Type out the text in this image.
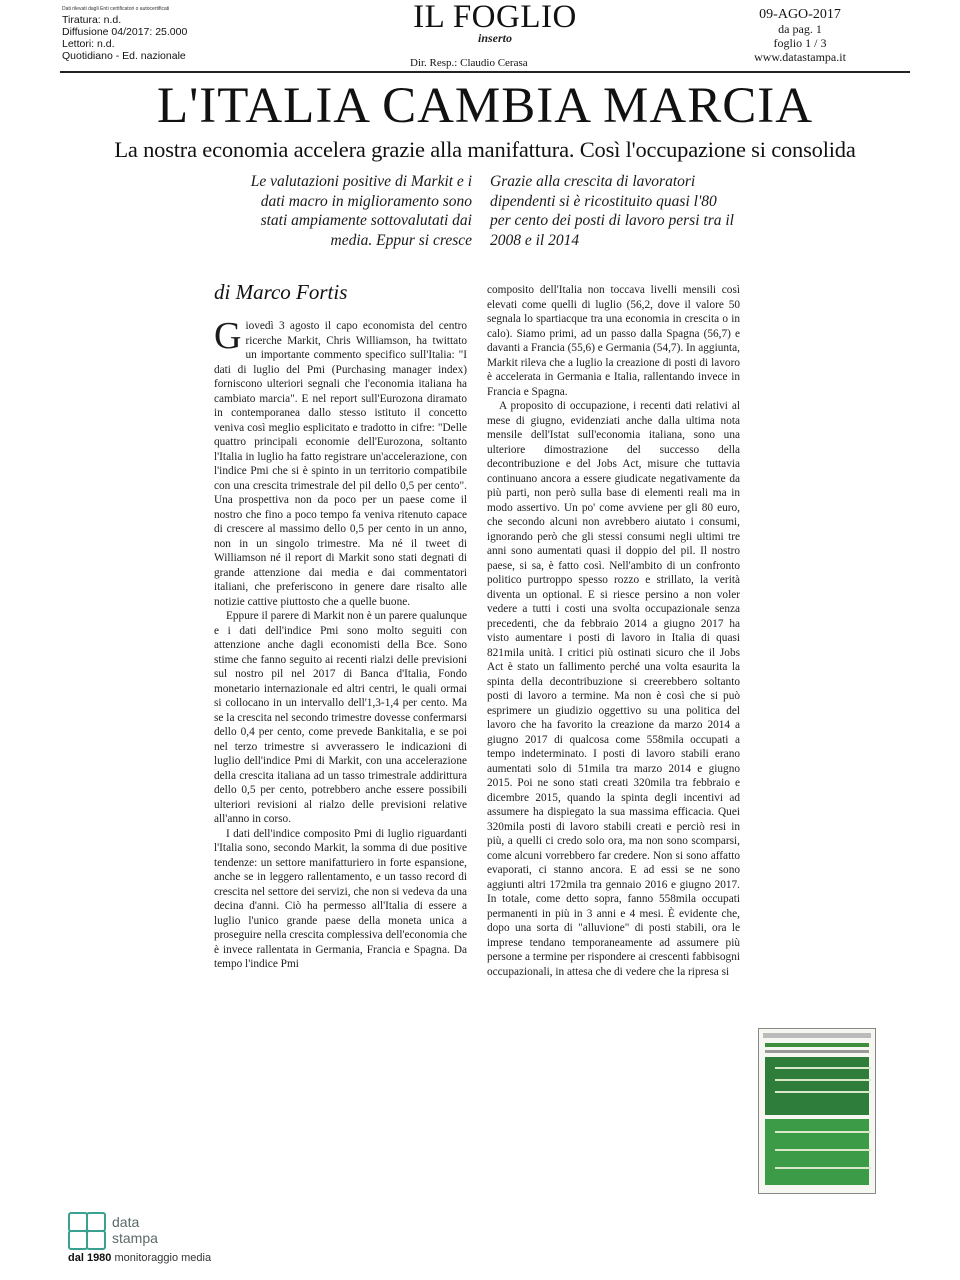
Dati rilevati dagli Enti certificatori o autocertificati
Tiratura: n.d.
Diffusione 04/2017: 25.000
Lettori: n.d.
Quotidiano - Ed. nazionale
IL FOGLIO
inserto
Dir. Resp.: Claudio Cerasa
09-AGO-2017
da pag. 1
foglio 1 / 3
www.datastampa.it
L'ITALIA CAMBIA MARCIA
La nostra economia accelera grazie alla manifattura. Così l'occupazione si consolida
Le valutazioni positive di Markit e i dati macro in miglioramento sono stati ampiamente sottovalutati dai media. Eppur si cresce
Grazie alla crescita di lavoratori dipendenti si è ricostituito quasi l'80 per cento dei posti di lavoro persi tra il 2008 e il 2014
di Marco Fortis

Giovedì 3 agosto il capo economista del centro ricerche Markit, Chris Williamson, ha twittato un importante commento specifico sull'Italia: "I dati di luglio del Pmi (Purchasing manager index) forniscono ulteriori segnali che l'economia italiana ha cambiato marcia". E nel report sull'Eurozona diramato in contemporanea dallo stesso istituto il concetto veniva così meglio esplicitato e tradotto in cifre: "Delle quattro principali economie dell'Eurozona, soltanto l'Italia in luglio ha fatto registrare un'accelerazione, con l'indice Pmi che si è spinto in un territorio compatibile con una crescita trimestrale del pil dello 0,5 per cento". Una prospettiva non da poco per un paese come il nostro che fino a poco tempo fa veniva ritenuto capace di crescere al massimo dello 0,5 per cento in un anno, non in un singolo trimestre. Ma né il tweet di Williamson né il report di Markit sono stati degnati di grande attenzione dai media e dai commentatori italiani, che preferiscono in genere dare risalto alle notizie cattive piuttosto che a quelle buone.

Eppure il parere di Markit non è un parere qualunque e i dati dell'indice Pmi sono molto seguiti con attenzione anche dagli economisti della Bce. Sono stime che fanno seguito ai recenti rialzi delle previsioni sul nostro pil nel 2017 di Banca d'Italia, Fondo monetario internazionale ed altri centri, le quali ormai si collocano in un intervallo dell'1,3-1,4 per cento. Ma se la crescita nel secondo trimestre dovesse confermarsi dello 0,4 per cento, come prevede Bankitalia, e se poi nel terzo trimestre si avverassero le indicazioni di luglio dell'indice Pmi di Markit, con una accelerazione della crescita italiana ad un tasso trimestrale addirittura dello 0,5 per cento, potrebbero anche essere possibili ulteriori revisioni al rialzo delle previsioni relative all'anno in corso.

I dati dell'indice composito Pmi di luglio riguardanti l'Italia sono, secondo Markit, la somma di due positive tendenze: un settore manifatturiero in forte espansione, anche se in leggero rallentamento, e un tasso record di crescita nel settore dei servizi, che non si vedeva da una decina d'anni. Ciò ha permesso all'Italia di essere a luglio l'unico grande paese della moneta unica a proseguire nella crescita complessiva dell'economia che è invece rallentata in Germania, Francia e Spagna. Da tempo l'indice Pmi

composito dell'Italia non toccava livelli mensili così elevati come quelli di luglio (56,2, dove il valore 50 segnala lo spartiacque tra una economia in crescita o in calo). Siamo primi, ad un passo dalla Spagna (56,7) e davanti a Francia (55,6) e Germania (54,7). In aggiunta, Markit rileva che a luglio la creazione di posti di lavoro è accelerata in Germania e Italia, rallentando invece in Francia e Spagna.

A proposito di occupazione, i recenti dati relativi al mese di giugno, evidenziati anche dalla ultima nota mensile dell'Istat sull'economia italiana, sono una ulteriore dimostrazione del successo della decontribuzione e del Jobs Act, misure che tuttavia continuano ancora a essere giudicate negativamente da più parti, non però sulla base di elementi reali ma in modo assertivo. Un po' come avviene per gli 80 euro, che secondo alcuni non avrebbero aiutato i consumi, ignorando però che gli stessi consumi negli ultimi tre anni sono aumentati quasi il doppio del pil. Il nostro paese, si sa, è fatto così. Nell'ambito di un confronto politico purtroppo spesso rozzo e strillato, la verità diventa un optional. E si riesce persino a non voler vedere a tutti i costi una svolta occupazionale senza precedenti, che da febbraio 2014 a giugno 2017 ha visto aumentare i posti di lavoro in Italia di quasi 821mila unità. I critici più ostinati sicuro che il Jobs Act è stato un fallimento perché una volta esaurita la spinta della decontribuzione si creerebbero soltanto posti di lavoro a termine. Ma non è così che si può esprimere un giudizio oggettivo su una politica del lavoro che ha favorito la creazione da marzo 2014 a giugno 2017 di qualcosa come 558mila occupati a tempo indeterminato. I posti di lavoro stabili erano aumentati solo di 51mila tra marzo 2014 e giugno 2015. Poi ne sono stati creati 320mila tra febbraio e dicembre 2015, quando la spinta degli incentivi ad assumere ha dispiegato la sua massima efficacia. Quei 320mila posti di lavoro stabili creati e perciò resi in più, a quelli ci credo solo ora, ma non sono scomparsi, come alcuni vorrebbero far credere. Non si sono affatto evaporati, ci stanno ancora. E ad essi se ne sono aggiunti altri 172mila tra gennaio 2016 e giugno 2017. In totale, come detto sopra, fanno 558mila occupati permanenti in più in 3 anni e 4 mesi. È evidente che, dopo una sorta di "alluvione" di posti stabili, ora le imprese tendano temporaneamente ad assumere più persone a termine per rispondere ai crescenti fabbisogni occupazionali, in attesa che di vedere che la ripresa si

data
stampa
dal 1980 monitoraggio media
